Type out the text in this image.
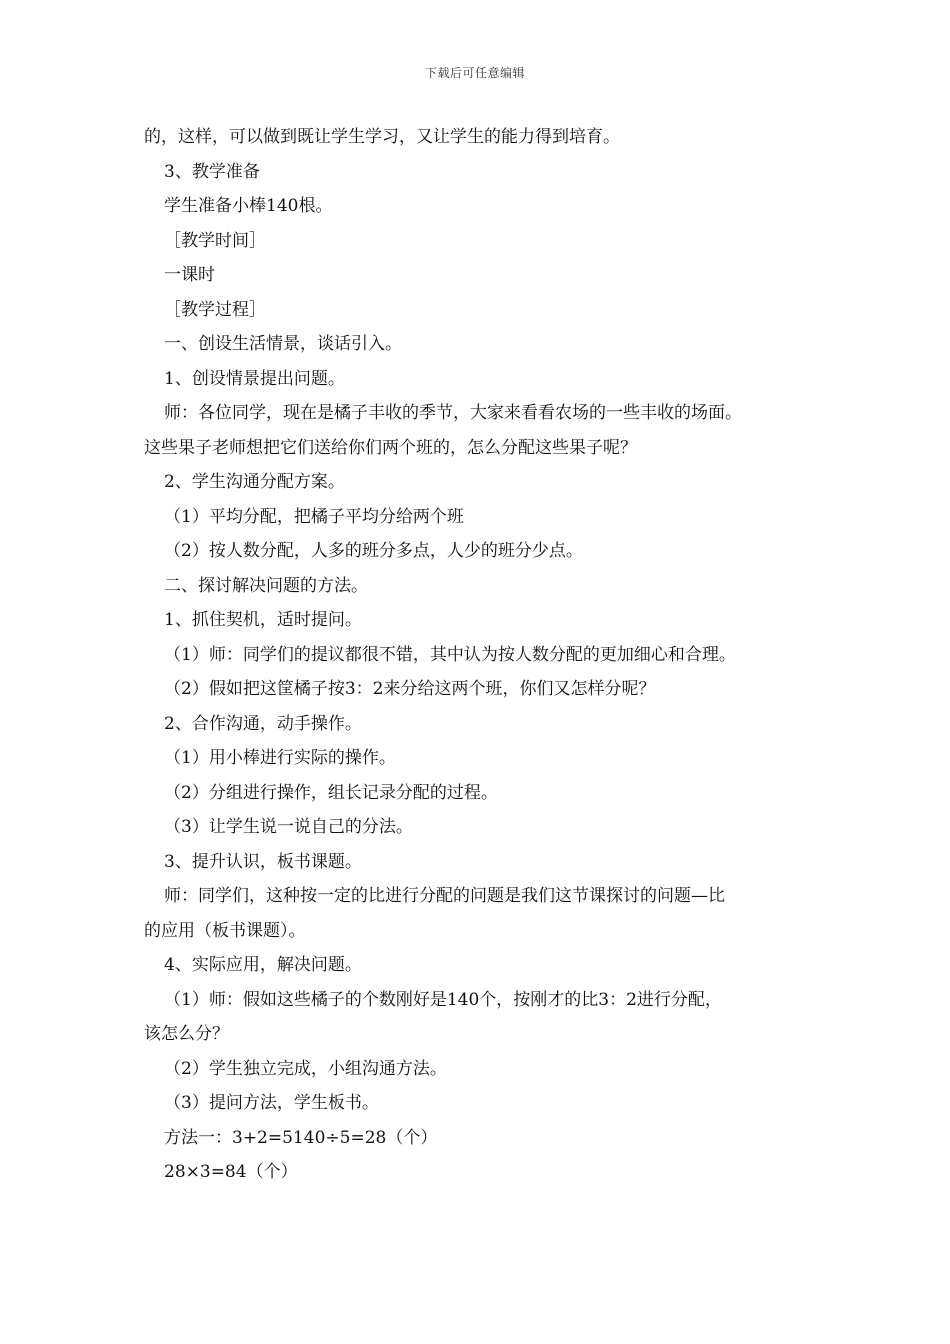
下载后可任意编辑
的，这样，可以做到既让学生学习，又让学生的能力得到培育。
3、教学准备
学生准备小棒140根。
［教学时间］
一课时
［教学过程］
一、创设生活情景，谈话引入。
1、创设情景提出问题。
师：各位同学，现在是橘子丰收的季节，大家来看看农场的一些丰收的场面。
这些果子老师想把它们送给你们两个班的，怎么分配这些果子呢？
2、学生沟通分配方案。
（1）平均分配，把橘子平均分给两个班
（2）按人数分配，人多的班分多点，人少的班分少点。
二、探讨解决问题的方法。
1、抓住契机，适时提问。
（1）师：同学们的提议都很不错，其中认为按人数分配的更加细心和合理。
（2）假如把这筐橘子按3：2来分给这两个班，你们又怎样分呢？
2、合作沟通，动手操作。
（1）用小棒进行实际的操作。
（2）分组进行操作，组长记录分配的过程。
（3）让学生说一说自己的分法。
3、提升认识，板书课题。
师：同学们，这种按一定的比进行分配的问题是我们这节课探讨的问题—比
的应用（板书课题）。
4、实际应用，解决问题。
（1）师：假如这些橘子的个数刚好是140个，按刚才的比3：2进行分配，
该怎么分？
（2）学生独立完成，小组沟通方法。
（3）提问方法，学生板书。
方法一：3+2=5140÷5=28（个）
28×3=84（个）
